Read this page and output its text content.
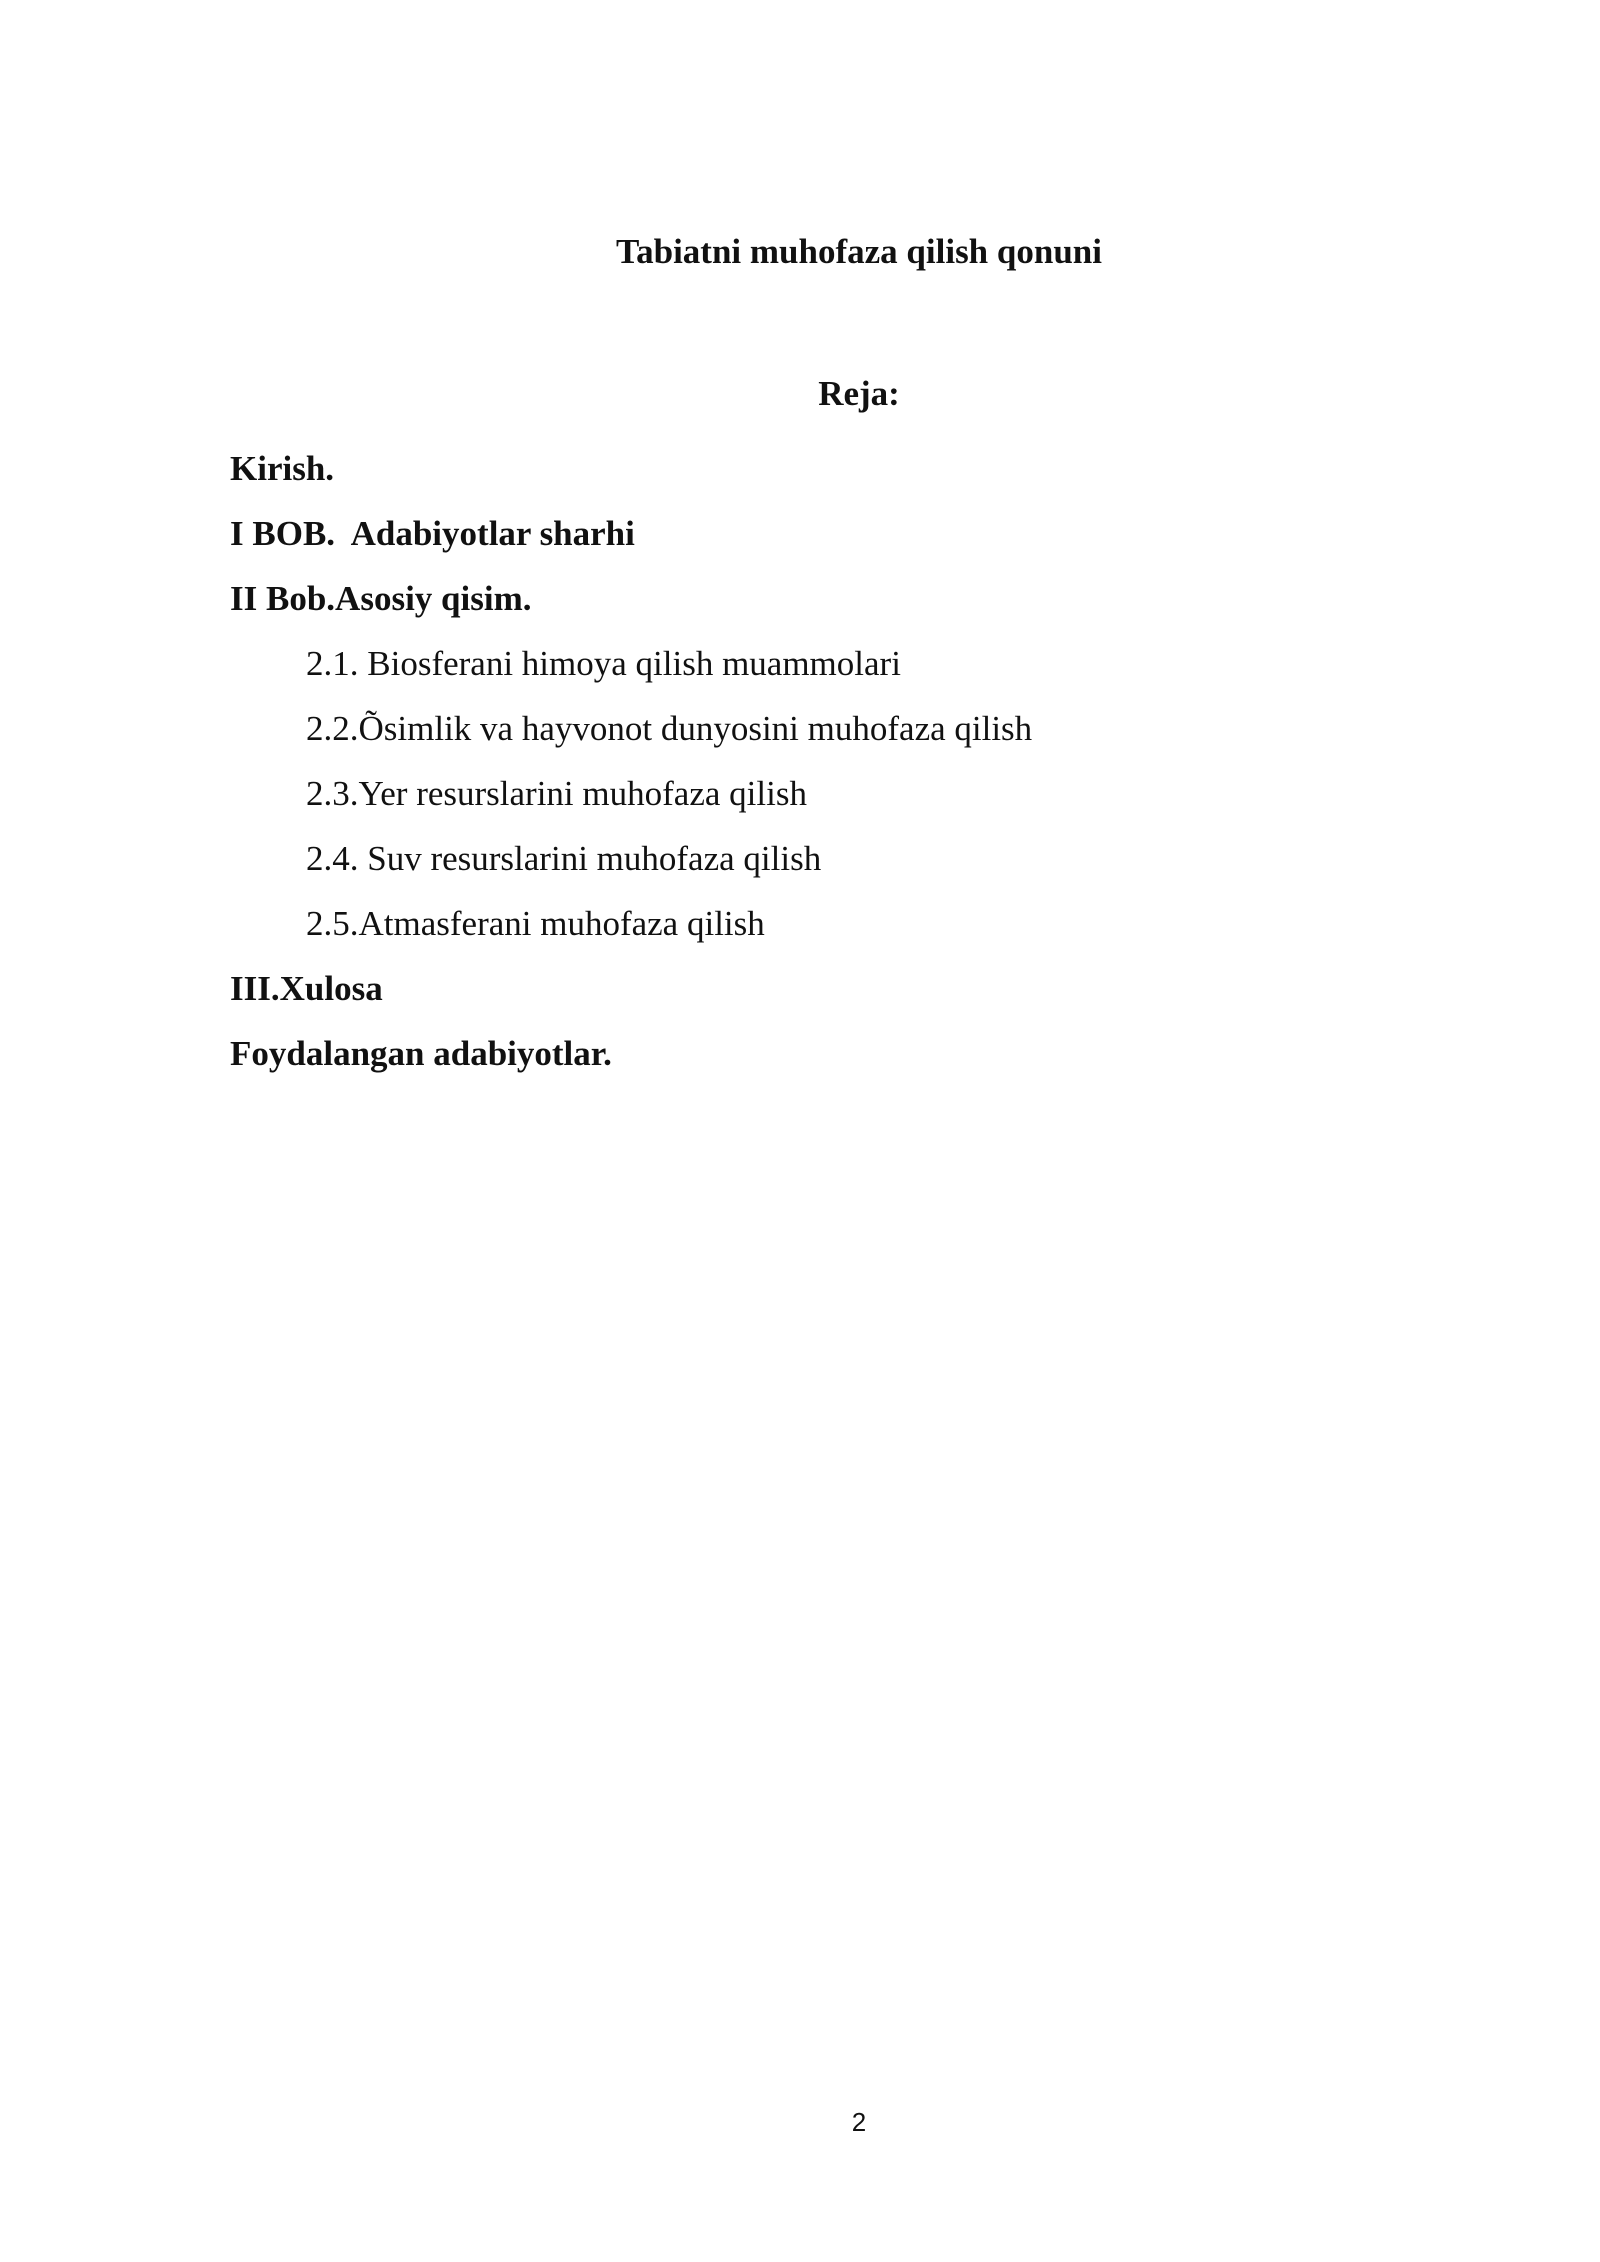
Tabiatni muhofaza qilish qonuni
Reja:
Kirish.
I BOB.  Adabiyotlar sharhi
II Bob.Asosiy qisim.
2.1. Biosferani himoya qilish muammolari
2.2.Õsimlik va hayvonot dunyosini muhofaza qilish
2.3.Yer resurslarini muhofaza qilish
2.4. Suv resurslarini muhofaza qilish
2.5.Atmasferani muhofaza qilish
III.Xulosa
Foydalangan adabiyotlar.
2
